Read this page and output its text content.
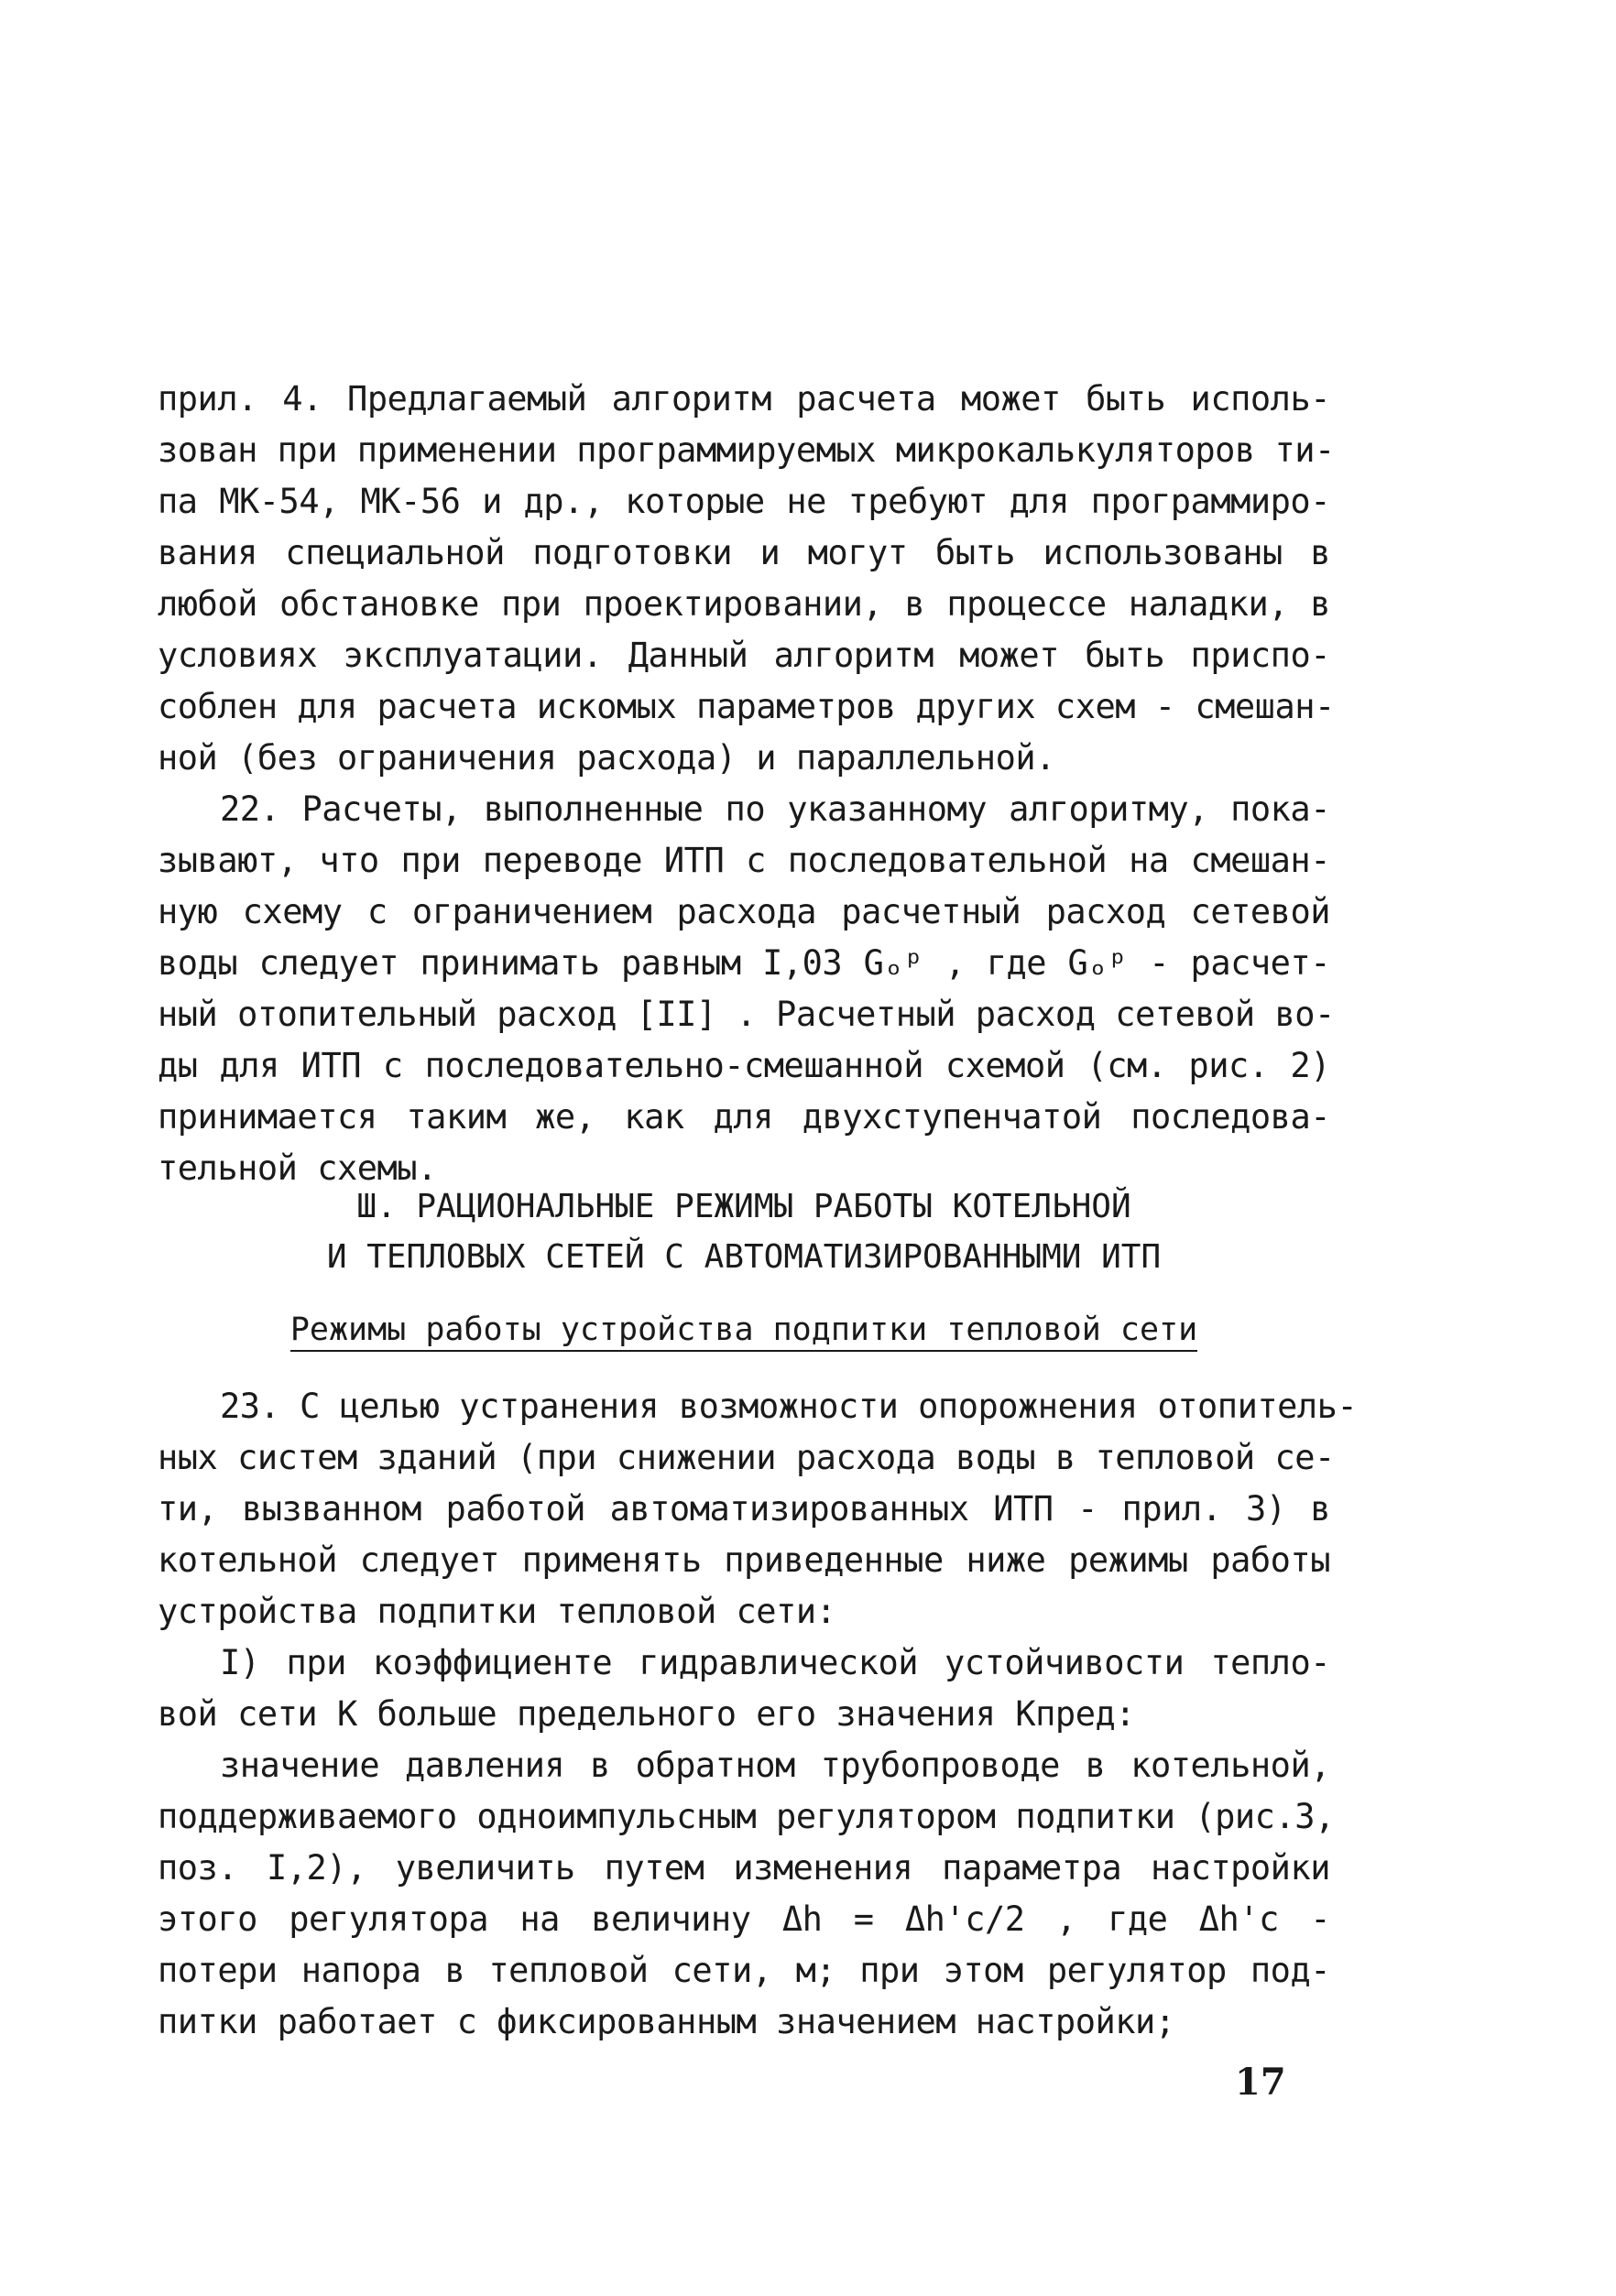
прил. 4. Предлагаемый алгоритм расчета может быть исполь-
зован при применении программируемых микрокалькуляторов ти-
па МК-54, МК-56 и др., которые не требуют для программиро-
вания специальной подготовки и могут быть использованы в
любой обстановке при проектировании, в процессе наладки, в
условиях эксплуатации. Данный алгоритм может быть приспо-
соблен для расчета искомых параметров других схем - смешан-
ной (без ограничения расхода) и параллельной.
22. Расчеты, выполненные по указанному алгоритму, пока-
зывают, что при переводе ИТП с последовательной на смешан-
ную схему с ограничением расхода расчетный расход сетевой
воды следует принимать равным I,03 Gₒᵖ , где Gₒᵖ - расчет-
ный отопительный расход [II] . Расчетный расход сетевой во-
ды для ИТП с последовательно-смешанной схемой (см. рис. 2)
принимается таким же, как для двухступенчатой последова-
тельной схемы.
Ш. РАЦИОНАЛЬНЫЕ РЕЖИМЫ РАБОТЫ КОТЕЛЬНОЙ
И ТЕПЛОВЫХ СЕТЕЙ С АВТОМАТИЗИРОВАННЫМИ ИТП
Режимы работы устройства подпитки тепловой сети
23. С целью устранения возможности опорожнения отопитель-
ных систем зданий (при снижении расхода воды в тепловой се-
ти, вызванном работой автоматизированных ИТП - прил. 3) в
котельной следует применять приведенные ниже режимы работы
устройства подпитки тепловой сети:
I) при коэффициенте гидравлической устойчивости тепло-
вой сети К больше предельного его значения Кпред:
значение давления в обратном трубопроводе в котельной,
поддерживаемого одноимпульсным регулятором подпитки (рис.3,
поз. I,2), увеличить путем изменения параметра настройки
этого регулятора на величину Δh = Δh'c/2 , где Δh'c -
потери напора в тепловой сети, м; при этом регулятор под-
питки работает с фиксированным значением настройки;
17
